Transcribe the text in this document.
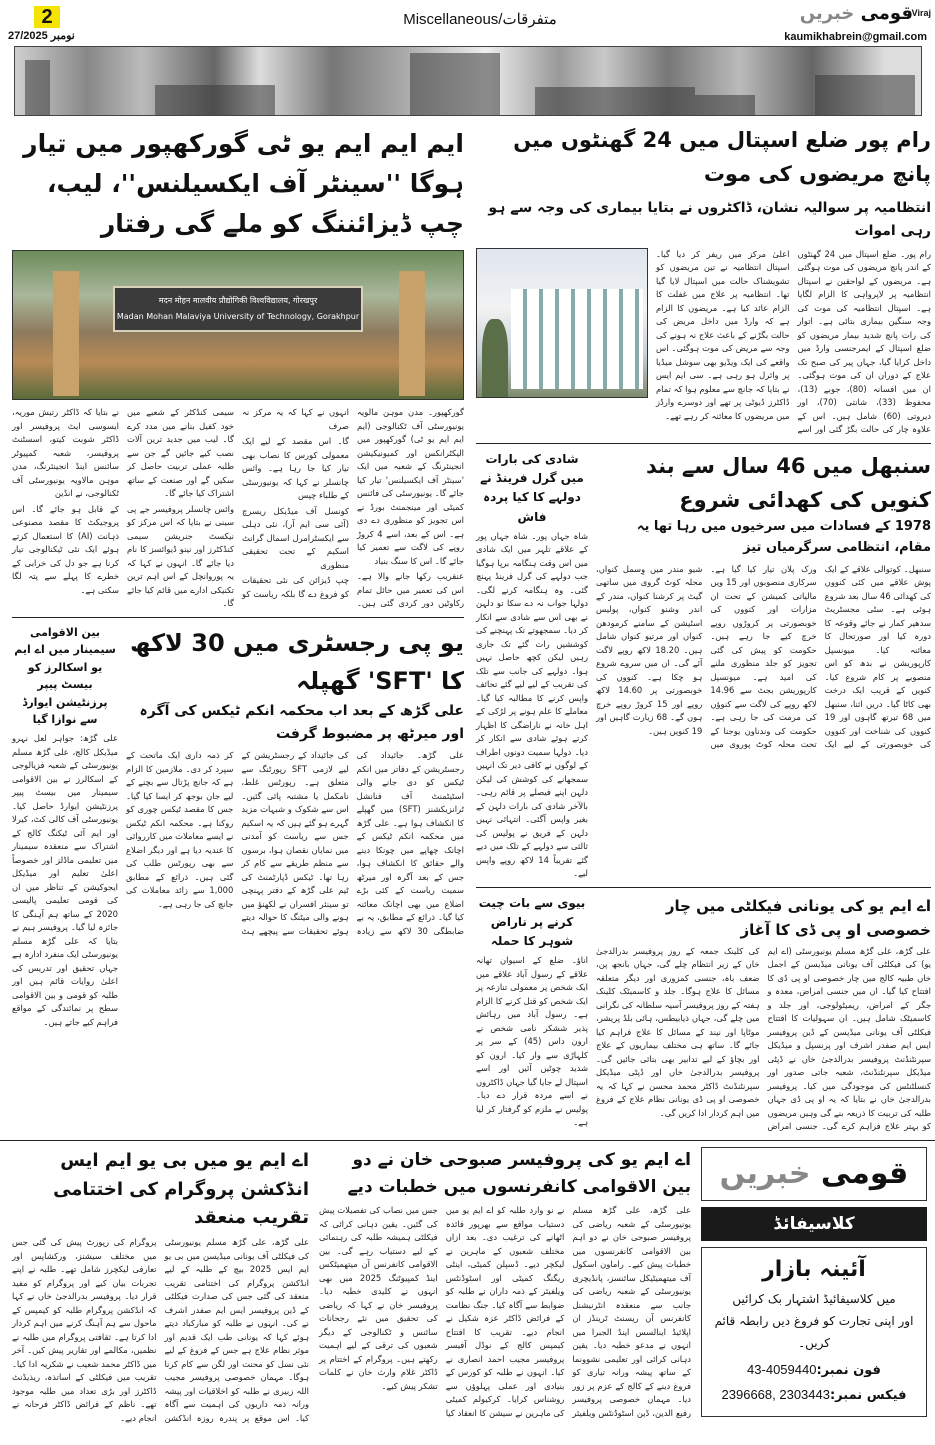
2
27/نومبر 2025
Miscellaneous/متفرقات	قومی خبریں	Viraj
kaumikhabrein@gmail.com
ایم ایم ایم یو ٹی گورکھپور میں تیار ہوگا ''سینٹر آف ایکسیلنس''، لیب، چپ ڈیزائننگ کو ملے گی رفتار
मदन मोहन मालवीय प्रौद्योगिकी विश्वविद्यालय, गोरखपुर
Madan Mohan Malaviya University of Technology, Gorakhpur

گورکھپور۔ مدن موہن مالویہ یونیورسٹی آف ٹکنالوجی (ایم ایم ایم یو ٹی) گورکھپور میں الیکٹرانکس اور کمیونیکیشن انجینئرنگ کے شعبہ میں ایک 'سینٹر آف ایکسیلنس' تیار کیا جائے گا۔ یونیورسٹی کی فائنس کمیٹی اور مینجمنٹ بورڈ نے اس تجویز کو منظوری دے دی ہے۔ اس کے بعد، اسے 4 کروڑ روپے کی لاگت سے تعمیر کیا جائے گا۔ اس کا سنگ بنیاد

عنقریب رکھا جانے والا ہے۔ اس کی تعمیر میں حائل تمام رکاوٹیں دور کردی گئی ہیں۔ انہوں نے کہا کہ یہ مرکز نہ صرف

گا۔ اس مقصد کے لیے ایک معمولی کورس کا نصاب بھی تیار کیا جا رہا ہے۔ وائس چانسلر نے کہا کہ یونیورسٹی کے طلباء چپس

کونسل آف میڈیکل ریسرچ (آئی سی ایم آر)، نئی دہلی سے ایکسٹرامرل اسمال گرانٹ اسکیم کے تحت تحقیقی منظوری

چپ ڈیزائن کی نئی تحقیقات کو فروغ دے گا بلکہ ریاست کو سیمی کنڈکٹر کے شعبے میں خود کفیل بنانے میں مدد کرے گا۔ لیب میں جدید ترین آلات نصب کیے جائیں گے جن سے طلبہ عملی تربیت حاصل کر سکیں گے اور صنعت کے ساتھ اشتراک کیا جائے گا۔

وائس چانسلر پروفیسر جے پی سینی نے بتایا کہ اس مرکز کو نیکسٹ جنریشن سیمی کنڈکٹرز اور نینو ڈیوائسز کا نام دیا جائے گا۔ انہوں نے کہا کہ یہ پوروانچل کے اس اہم ترین تکنیکی ادارے میں قائم کیا جائے گا۔

نے بتایا کہ ڈاکٹر رتیش موریہ، ایسوسی ایٹ پروفیسر اور ڈاکٹر شوبت کیتو، اسسٹنٹ پروفیسر، شعبہ کمپیوٹر سائنس اینڈ انجینئرنگ، مدن موہن مالاویہ یونیورسٹی آف ٹکنالوجی، نے انڈین

کے قابل ہو جائے گا۔ اس پروجیکٹ کا مقصد مصنوعی ذہانت (AI) کا استعمال کرتے ہوئے ایک نئی ٹیکنالوجی تیار کرنا ہے جو دل کی خرابی کے خطرے کا پہلے سے پتہ لگا سکتی ہے۔

یو پی رجسٹری میں 30 لاکھ کا 'SFT' گھپلہ
علی گڑھ کے بعد اب محکمہ انکم ٹیکس کی آگرہ اور میرٹھ پر مضبوط گرفت
علی گڑھ۔ جائیداد کی رجسٹریشن کے دفاتر میں انکم ٹیکس کو دی جانے والی اسٹیٹمنٹ آف فنانشل ٹرانزیکشنز (SFT) میں گھپلے کا انکشاف ہوا ہے۔ علی گڑھ میں محکمہ انکم ٹیکس کے اچانک چھاپے میں چونکا دینے والے حقائق کا انکشاف ہوا، جس کے بعد آگرہ اور میرٹھ سمیت ریاست کے کئی بڑے اضلاع میں بھی اچانک معائنہ کیا گیا۔ ذرائع کے مطابق، یہ بے ضابطگی 30 لاکھ سے زیادہ کی جائیداد کے رجسٹریشن کے لیے لازمی SFT رپورٹنگ سے متعلق ہے۔ رپورٹس غلط، نامکمل یا مشتبہ پائی گئیں۔ اس سے شکوک و شبہات مزید گہرے ہو گئے ہیں کہ یہ اسکیم جس سے ریاست کو آمدنی میں نمایاں نقصان ہوا، برسوں سے منظم طریقے سے کام کر رہا تھا۔ ٹیکس ڈپارٹمنٹ کی ٹیم علی گڑھ کے دفتر پہنچی تو سینئر افسران نے لکھنؤ میں ہونے والی میٹنگ کا حوالہ دیتے ہوئے تحقیقات سے پیچھے ہٹ کر ذمہ داری ایک ماتحت کے سپرد کر دی۔ ملازمین کا الزام ہے کہ جانچ پڑتال سے بچنے کے لیے جان بوجھ کر ایسا کیا گیا۔ جس کا مقصد ٹیکس چوری کو روکنا ہے۔ محکمہ انکم ٹیکس نے ایسے معاملات میں کارروائی کا عندیہ دیا ہے اور دیگر اضلاع سے بھی رپورٹس طلب کی گئی ہیں۔ ذرائع کے مطابق 1,000 سے زائد معاملات کی جانچ کی جا رہی ہے۔
بین الاقوامی سیمینار میں اے ایم یو اسکالرز کو بیسٹ پیپر پرزنٹیشن ایوارڈ سے نوازا گیا
علی گڑھ: جواہر لعل نہرو میڈیکل کالج، علی گڑھ مسلم یونیورسٹی کے شعبہ فزیالوجی کے اسکالرز نے بین الاقوامی سیمینار میں بیسٹ پیپر پرزنٹیشن ایوارڈ حاصل کیا۔ یونیورسٹی آف کالی کٹ، کیرلا اور ایم آئی ٹیکنگ کالج کے اشتراک سے منعقدہ سیمینار میں تعلیمی ماڈلز اور خصوصاً اعلیٰ تعلیم اور میڈیکل ایجوکیشن کے تناظر میں ان کی قومی تعلیمی پالیسی 2020 کے ساتھ ہم آہنگی کا جائزہ لیا گیا۔ پروفیسر ہیم نے بتایا کہ علی گڑھ مسلم یونیورسٹی ایک منفرد ادارہ ہے جہاں تحقیق اور تدریس کی اعلیٰ روایات قائم ہیں اور طلبہ کو قومی و بین الاقوامی سطح پر نمائندگی کے مواقع فراہم کیے جاتے ہیں۔
رام پور ضلع اسپتال میں 24 گھنٹوں میں پانچ مریضوں کی موت
انتظامیہ پر سوالیہ نشان، ڈاکٹروں نے بتایا بیماری کی وجہ سے ہو رہی اموات
رام پور۔ ضلع اسپتال میں 24 گھنٹوں کے اندر پانچ مریضوں کی موت ہوگئی ہے۔ مریضوں کے لواحقین نے اسپتال انتظامیہ پر لاپرواہی کا الزام لگایا ہے۔ اسپتال انتظامیہ کی موت کی وجہ سنگین بیماری بتائی ہے۔ اتوار کی رات پانچ شدید بیمار مریضوں کو ضلع اسپتال کے ایمرجنسی وارڈ میں داخل کرایا گیا، جہاں پیر کی صبح تک علاج کے دوران ان کی موت ہوگئی۔ ان میں افسانہ (80)، جوبے (13)، محفوظ (33)، شانتی (70)، اور دیروتی (60) شامل ہیں۔ اس کے علاوہ چار کی حالت بگڑ گئی اور اسے اعلیٰ مرکز میں ریفر کر دیا گیا۔ اسپتال انتظامیہ نے تین مریضوں کو تشویشناک حالت میں اسپتال لایا گیا تھا۔ انتظامیہ پر علاج میں غفلت کا الزام عائد کیا ہے۔ مریضوں کا الزام ہے کہ وارڈ میں داخل مریض کی حالت بگڑنے کے باعث علاج نہ ہونے کی وجہ سے مریض کی موت ہوگئی۔ اس واقعے کی ایک ویڈیو بھی سوشل میڈیا پر وائرل ہو رہی ہے۔ سی ایم ایس نے بتایا کہ جانچ سے معلوم ہوا کہ تمام ڈاکٹرز ڈیوٹی پر تھے اور دوسرے وارڈز میں مریضوں کا معائنہ کر رہے تھے۔
سنبھل میں 46 سال سے بند کنویں کی کھدائی شروع
1978 کے فسادات میں سرخیوں میں رہا تھا یہ مقام، انتظامی سرگرمیاں تیز
سنبھل۔ کوتوالی علاقے کے ایک پوش علاقے میں کئی کنووں کی کھدائی 46 سال بعد شروع ہوئی ہے۔ سٹی مجسٹریٹ سدھیر کمار نے جائے وقوعہ کا دورہ کیا اور صورتحال کا معائنہ کیا۔ میونسپل کارپوریشن نے بدھ کو اس منصوبے پر کام شروع کیا۔ کنویں کے قریب ایک درخت بھی کاٹا گیا۔ دریں اثنا، سنبھل میں 68 تیرتھ گاہوں اور 19 کنووں کی شناخت اور کنووں کی خوبصورتی کے لیے ایک ورک پلان تیار کیا گیا ہے۔ سرکاری منصوبوں اور 15 ویں مالیاتی کمیشن کے تحت ان مزارات اور کنووں کی خوبصورتی پر کروڑوں روپے خرچ کیے جا رہے ہیں۔ حکومت کو پیش کی گئی تجویز کو جلد منظوری ملنے کی امید ہے۔ میونسپل کارپوریشن بجٹ سے 14.96 لاکھ روپے کی لاگت سے کنوؤں کی مرمت کی جا رہی ہے۔ حکومت کی وندناون یوجنا کے تحت محلہ کوٹ پوروی میں شیو مندر میں وِسمل کنواں، محلہ کوٹ گروی میں ساتھی گیٹ پر کرشنا کنواں، مندر کے اندر وشنو کنواں، پولیس اسٹیشن کے سامنے کرمودھن کنواں اور مرتیو کنواں شامل ہیں۔ 18.20 لاکھ روپے لاگت آئے گی۔ ان میں سروے شروع ہو چکا ہے۔ کنووں کی خوبصورتی پر 14.60 لاکھ روپے اور 15 کروڑ روپے خرچ ہوں گے۔ 68 زیارت گاہیں اور 19 کنویں ہیں۔
شادی کی بارات میں گرل فرینڈ نے دولہے کا کیا پردہ فاش
شاہ جہاں پور۔ شاہ جہاں پور کے علاقے تلہر میں ایک شادی میں اس وقت ہنگامہ برپا ہوگیا جب دولہے کی گرل فرینڈ پہنچ گئی۔ وہ ہنگامہ کرنے لگی۔ دولہا جواب نہ دے سکا تو دلہن نے بھی اس سے شادی سے انکار کر دیا۔ سمجھوتے تک پہنچنے کی کوششیں رات گئے تک جاری رہیں لیکن کچھ حاصل نہیں ہوا۔ دولہے کی جانب سے تلک کی تقریب کے لیے لیے گئے تحائف واپس کرنے کا مطالبہ کیا گیا۔ معاملے کا علم ہونے پر لڑکی کے اہل خانہ نے ناراضگی کا اظہار کرتے ہوئے شادی سے انکار کر دیا۔ دولہا سمیت دونوں اطراف کے لوگوں نے کافی دیر تک انہیں سمجھانے کی کوشش کی لیکن دلہن اپنے فیصلے پر قائم رہی۔ بالآخر شادی کی بارات دلہن کے بغیر واپس آگئی۔ انتہائی نہیں دلہن کے فریق نے پولیس کی ثالثی سے دولہے کے تلک میں دیے گئے تقریباً 14 لاکھ روپے واپس لیے۔
اے ایم یو کی یونانی فیکلٹی میں چار خصوصی او پی ڈی کا آغاز
علی گڑھ، علی گڑھ مسلم یونیورسٹی (اے ایم یو) کی فیکلٹی آف یونانی میڈیسن کے اجمل خاں طبیہ کالج میں چار خصوصی او پی ڈی کا افتتاح کیا گیا۔ ان میں جنسی امراض، معدہ و جگر کے امراض، ریمیٹولوجی، اور جلد و کاسمیٹک شامل ہیں۔ ان سہولیات کا افتتاح فیکلٹی آف یونانی میڈیسن کے ڈین پروفیسر ایس ایم صفدر اشرف اور پرنسپل و میڈیکل سپرنٹنڈنٹ پروفیسر بدرالدجیٰ خاں نے ڈپٹی میڈیکل سپرنٹنڈنٹ، شعبہ جاتی صدور اور کنسلٹنٹس کی موجودگی میں کیا۔ پروفیسر بدرالدجیٰ خاں نے بتایا کہ یہ او پی ڈی جہاں طلبہ کی تربیت کا ذریعہ بنے گی وہیں مریضوں کو بہتر علاج فراہم کرے گی۔ جنسی امراض کی کلینک جمعہ کے روز پروفیسر بدرالدجیٰ خاں کے زیر انتظام چلے گی، جہاں بانجھ پن، ضعف باہ، جنسی کمزوری اور دیگر متعلقہ مسائل کا علاج ہوگا۔ جلد و کاسمیٹک کلینک ہفتہ کے روز پروفیسر آسیہ سلطانہ کی نگرانی میں چلے گی، جہاں ذیابیطس، ہائی بلڈ پریشر، موٹاپا اور نیند کے مسائل کا علاج فراہم کیا جائے گا۔ ساتھ ہی مختلف بیماریوں کے علاج اور بچاؤ کے لیے تدابیر بھی بتائی جائیں گی۔ پروفیسر بدرالدجیٰ خاں اور ڈپٹی میڈیکل سپرنٹنڈنٹ ڈاکٹر محمد محسن نے کہا کہ یہ خصوصی او پی ڈی یونانی نظام علاج کے فروغ میں اہم کردار ادا کریں گی۔
بیوی سے بات چیت کرنے پر ناراض شوہر کا حملہ
اناؤ۔ ضلع کے اسیوان تھانہ علاقے کے رسول آباد علاقے میں ایک شخص پر معمولی تنازعہ پر ایک شخص کو قتل کرنے کا الزام ہے۔ رسول آباد میں رہائش پذیر ششکر نامی شخص نے ارون داس (45) کے سر پر کلہاڑی سے وار کیا۔ ارون کو شدید چوٹیں آئیں اور اسے اسپتال لے جایا گیا جہاں ڈاکٹروں نے اسے مردہ قرار دے دیا۔ پولیس نے ملزم کو گرفتار کر لیا ہے۔
قومی خبریں
کلاسیفائڈ
آئینہ بازار
میں کلاسیفائیڈ اشتہار بک کرائیں
اور اپنی تجارت کو فروغ دیں رابطہ قائم کریں۔
فون نمبر:43-4059440
فیکس نمبر:2396668, 2303443
اے ایم یو کی پروفیسر صبوحی خان نے دو بین الاقوامی کانفرنسوں میں خطبات دیے
علی گڑھ، علی گڑھ مسلم یونیورسٹی کے شعبہ ریاضی کی پروفیسر صبوحی خان نے دو اہم بین الاقوامی کانفرنسوں میں خطبات پیش کیے۔ راماون اسکول آف میتھمیٹیکل سائنسز، پانڈیچری یونیورسٹی کے شعبہ ریاضی کی جانب سے منعقدہ انٹرنیشنل کانفرنس آن ریسنٹ ٹرینڈز ان اپلائیڈ اینالسس اینڈ الجبرا میں انہوں نے مدعو خطبہ دیا۔ یقین دہانی کرائی اور تعلیمی نشوونما کے ساتھ پیشہ ورانہ تیاری کو فروغ دینے کے کالج کے عزم پر زور دیا۔ مہمان خصوصی پروفیسر رفیع الدین، ڈین اسٹوڈنٹس ویلفیئر نے نو وارد طلبہ کو اے ایم یو میں دستیاب مواقع سے بھرپور فائدہ اٹھانے کی ترغیب دی۔ بعد ازاں مختلف شعبوں کے ماہرین نے لیکچر دیے۔ ڈسپلن کمیٹی، اینٹی ریگنگ کمیٹی اور اسٹوڈنٹس ویلفیئر کے ذمہ داران نے طلبہ کو ضوابط سے آگاہ کیا۔ جنگ نظامت کے فرائض ڈاکٹر عزہ شکیل نے انجام دیے۔ تقریب کا افتتاح کیمپس کالج کے نوڈل آفیسر پروفیسر مجیب احمد انصاری نے کیا۔ انہوں نے طلبہ کو کورس کے بنیادی اور عملی پہلوؤں سے روشناس کرایا۔ کرکیولم کمیٹی کی ماہرین نے سیشن کا انعقاد کیا جس میں نصاب کی تفصیلات پیش کی گئیں۔ یقین دہانی کرائی کہ فیکلٹی ہمیشہ طلبہ کی رہنمائی کے لیے دستیاب رہے گی۔ بین الاقوامی کانفرنس آن میتھمیٹکس اینڈ کمپیوٹنگ 2025 میں بھی انہوں نے کلیدی خطبہ دیا۔ پروفیسر خان نے کہا کہ ریاضی کی تحقیق میں نئے رجحانات سائنس و ٹکنالوجی کے دیگر شعبوں کی ترقی کے لیے اہمیت رکھتے ہیں۔ پروگرام کے اختتام پر ڈاکٹر غلام وارث خان نے کلمات تشکر پیش کیے۔
اے ایم یو میں بی یو ایم ایس انڈکشن پروگرام کی اختتامی تقریب منعقد
علی گڑھ، علی گڑھ مسلم یونیورسٹی کی فیکلٹی آف یونانی میڈیسن میں بی یو ایم ایس 2025 بیچ کے طلبہ کے لیے انڈکشن پروگرام کی اختتامی تقریب منعقد کی گئی جس کی صدارت فیکلٹی کے ڈین پروفیسر ایس ایم صفدر اشرف نے کی۔ انہوں نے طلبہ کو مبارکباد دیتے ہوئے کہا کہ یونانی طب ایک قدیم اور موثر نظام علاج ہے جس کے فروغ کے لیے نئی نسل کو محنت اور لگن سے کام کرنا ہوگا۔ مہمان خصوصی پروفیسر مجیب اللہ زبیری نے طلبہ کو اخلاقیات اور پیشہ ورانہ ذمہ داریوں کی اہمیت سے آگاہ کیا۔ اس موقع پر پندرہ روزہ انڈکشن پروگرام کی رپورٹ پیش کی گئی جس میں مختلف سیشنز، ورکشاپس اور تعارفی لیکچرز شامل تھے۔ طلبہ نے اپنے تجربات بیان کیے اور پروگرام کو مفید قرار دیا۔ پروفیسر بدرالدجیٰ خاں نے کہا کہ انڈکشن پروگرام طلبہ کو کیمپس کے ماحول سے ہم آہنگ کرنے میں اہم کردار ادا کرتا ہے۔ ثقافتی پروگرام میں طلبہ نے نظمیں، مکالمے اور تقاریر پیش کیں۔ آخر میں ڈاکٹر محمد شعیب نے شکریہ ادا کیا۔ تقریب میں فیکلٹی کے اساتذہ، ریذیڈنٹ ڈاکٹرز اور بڑی تعداد میں طلبہ موجود تھے۔ ناظم کے فرائض ڈاکٹر فرحانہ نے انجام دیے۔
